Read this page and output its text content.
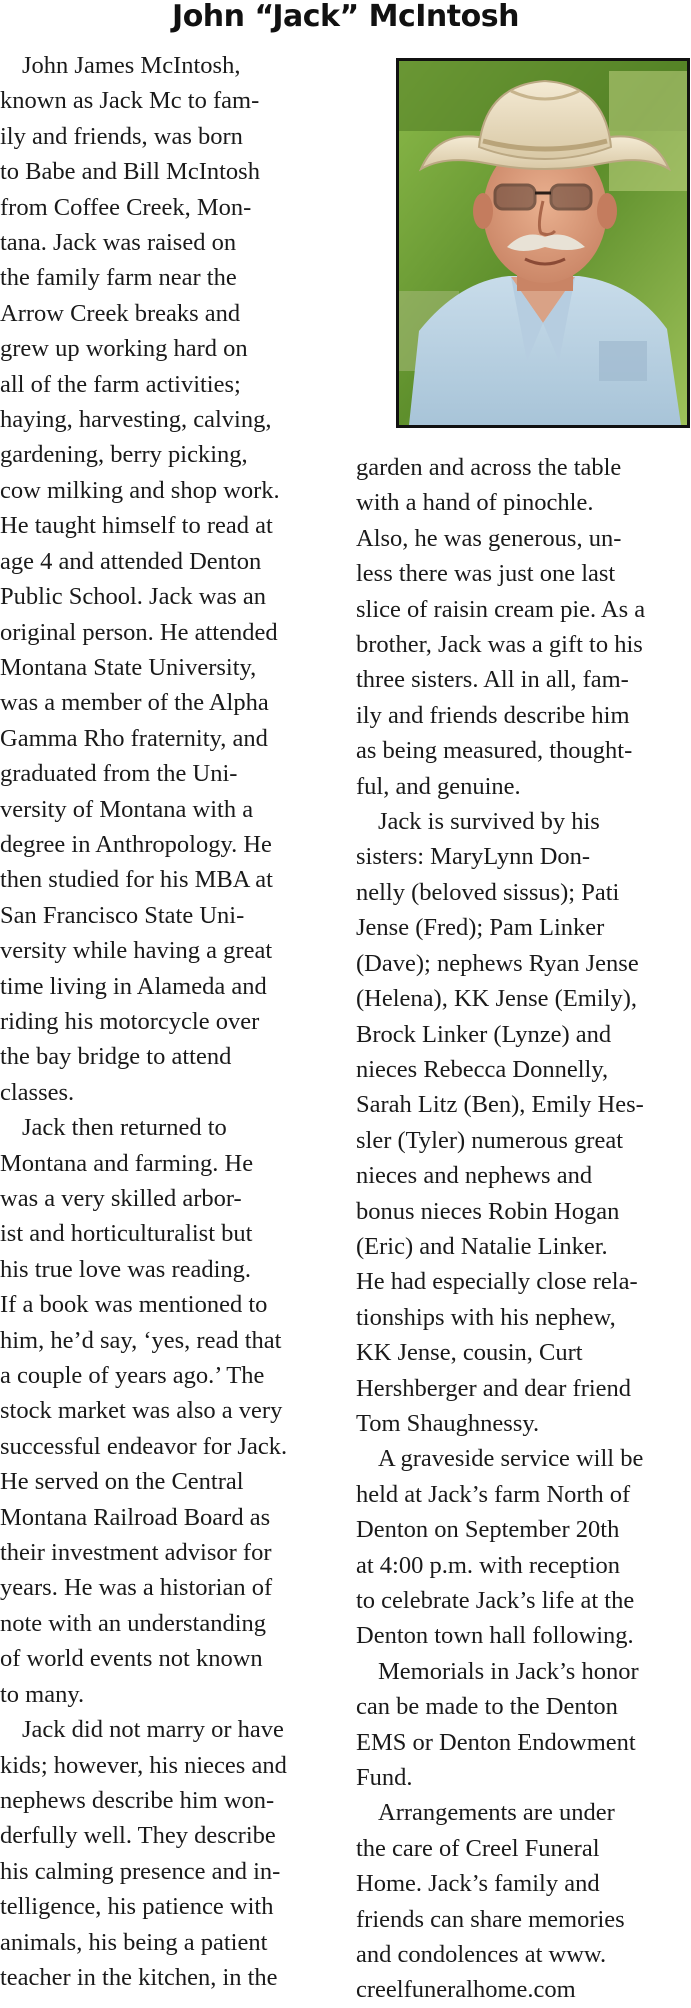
John “Jack” McIntosh

John James McIntosh,
known as Jack Mc to fam-
ily and friends, was born
to Babe and Bill McIntosh
from Coffee Creek, Mon-
tana. Jack was raised on
the family farm near the
Arrow Creek breaks and
grew up working hard on
all of the farm activities;
haying, harvesting, calving,
gardening, berry picking,
cow milking and shop work.
He taught himself to read at
age 4 and attended Denton
Public School. Jack was an
original person. He attended
Montana State University,
was a member of the Alpha
Gamma Rho fraternity, and
graduated from the Uni-
versity of Montana with a
degree in Anthropology. He
then studied for his MBA at
San Francisco State Uni-
versity while having a great
time living in Alameda and
riding his motorcycle over
the bay bridge to attend
classes.

Jack then returned to
Montana and farming. He
was a very skilled arbor-
ist and horticulturalist but
his true love was reading.
If a book was mentioned to
him, he’d say, ‘yes, read that
a couple of years ago.’ The
stock market was also a very
successful endeavor for Jack.
He served on the Central
Montana Railroad Board as
their investment advisor for
years. He was a historian of
note with an understanding
of world events not known
to many.

Jack did not marry or have
kids; however, his nieces and
nephews describe him won-
derfully well. They describe
his calming presence and in-
telligence, his patience with
animals, his being a patient
teacher in the kitchen, in the

garden and across the table
with a hand of pinochle.
Also, he was generous, un-
less there was just one last
slice of raisin cream pie. As a
brother, Jack was a gift to his
three sisters. All in all, fam-
ily and friends describe him
as being measured, thought-
ful, and genuine.

Jack is survived by his
sisters: MaryLynn Don-
nelly (beloved sissus); Pati
Jense (Fred); Pam Linker
(Dave); nephews Ryan Jense
(Helena), KK Jense (Emily),
Brock Linker (Lynze) and
nieces Rebecca Donnelly,
Sarah Litz (Ben), Emily Hes-
sler (Tyler) numerous great
nieces and nephews and
bonus nieces Robin Hogan
(Eric) and Natalie Linker.
He had especially close rela-
tionships with his nephew,
KK Jense, cousin, Curt
Hershberger and dear friend
Tom Shaughnessy.

A graveside service will be
held at Jack’s farm North of
Denton on September 20th
at 4:00 p.m. with reception
to celebrate Jack’s life at the
Denton town hall following.

Memorials in Jack’s honor
can be made to the Denton
EMS or Denton Endowment
Fund.

Arrangements are under
the care of Creel Funeral
Home. Jack’s family and
friends can share memories
and condolences at www.
creelfuneralhome.com
